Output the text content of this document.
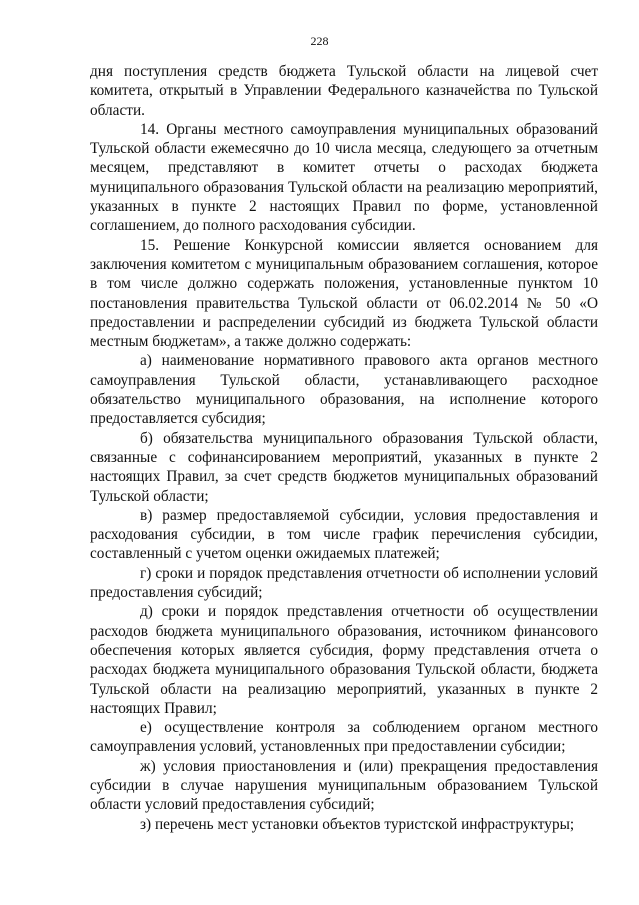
228

дня поступления средств бюджета Тульской области на лицевой счет комитета, открытый в Управлении Федерального казначейства по Тульской области.

14. Органы местного самоуправления муниципальных образований Тульской области ежемесячно до 10 числа месяца, следующего за отчетным месяцем, представляют в комитет отчеты о расходах бюджета муниципального образования Тульской области на реализацию мероприятий, указанных в пункте 2 настоящих Правил по форме, установленной соглашением, до полного расходования субсидии.

15. Решение Конкурсной комиссии является основанием для заключения комитетом с муниципальным образованием соглашения, которое в том числе должно содержать положения, установленные пунктом 10 постановления правительства Тульской области от 06.02.2014 № 50 «О предоставлении и распределении субсидий из бюджета Тульской области местным бюджетам», а также должно содержать:

а) наименование нормативного правового акта органов местного самоуправления Тульской области, устанавливающего расходное обязательство муниципального образования, на исполнение которого предоставляется субсидия;

б) обязательства муниципального образования Тульской области, связанные с софинансированием мероприятий, указанных в пункте 2 настоящих Правил, за счет средств бюджетов муниципальных образований Тульской области;

в) размер предоставляемой субсидии, условия предоставления и расходования субсидии, в том числе график перечисления субсидии, составленный с учетом оценки ожидаемых платежей;

г) сроки и порядок представления отчетности об исполнении условий предоставления субсидий;

д) сроки и порядок представления отчетности об осуществлении расходов бюджета муниципального образования, источником финансового обеспечения которых является субсидия, форму представления отчета о расходах бюджета муниципального образования Тульской области, бюджета Тульской области на реализацию мероприятий, указанных в пункте 2 настоящих Правил;

е) осуществление контроля за соблюдением органом местного самоуправления условий, установленных при предоставлении субсидии;

ж) условия приостановления и (или) прекращения предоставления субсидии в случае нарушения муниципальным образованием Тульской области условий предоставления субсидий;

з) перечень мест установки объектов туристской инфраструктуры;
